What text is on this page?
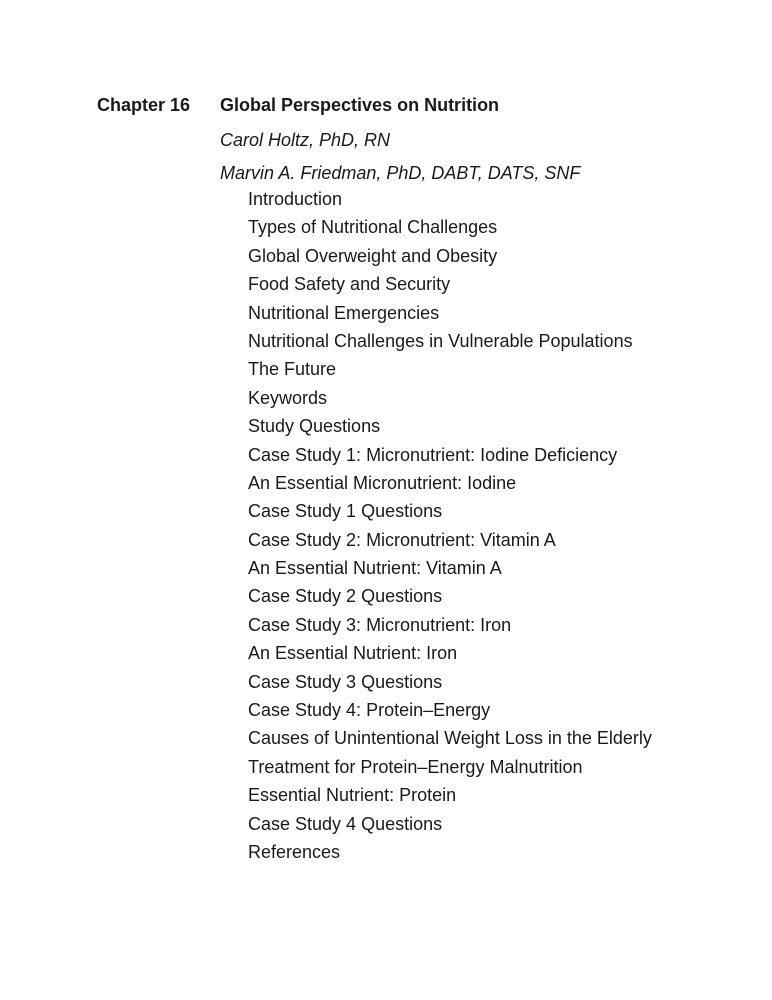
Chapter 16 Global Perspectives on Nutrition
Carol Holtz, PhD, RN
Marvin A. Friedman, PhD, DABT, DATS, SNF
Introduction
Types of Nutritional Challenges
Global Overweight and Obesity
Food Safety and Security
Nutritional Emergencies
Nutritional Challenges in Vulnerable Populations
The Future
Keywords
Study Questions
Case Study 1: Micronutrient: Iodine Deficiency
An Essential Micronutrient: Iodine
Case Study 1 Questions
Case Study 2: Micronutrient: Vitamin A
An Essential Nutrient: Vitamin A
Case Study 2 Questions
Case Study 3: Micronutrient: Iron
An Essential Nutrient: Iron
Case Study 3 Questions
Case Study 4: Protein–Energy
Causes of Unintentional Weight Loss in the Elderly
Treatment for Protein–Energy Malnutrition
Essential Nutrient: Protein
Case Study 4 Questions
References
